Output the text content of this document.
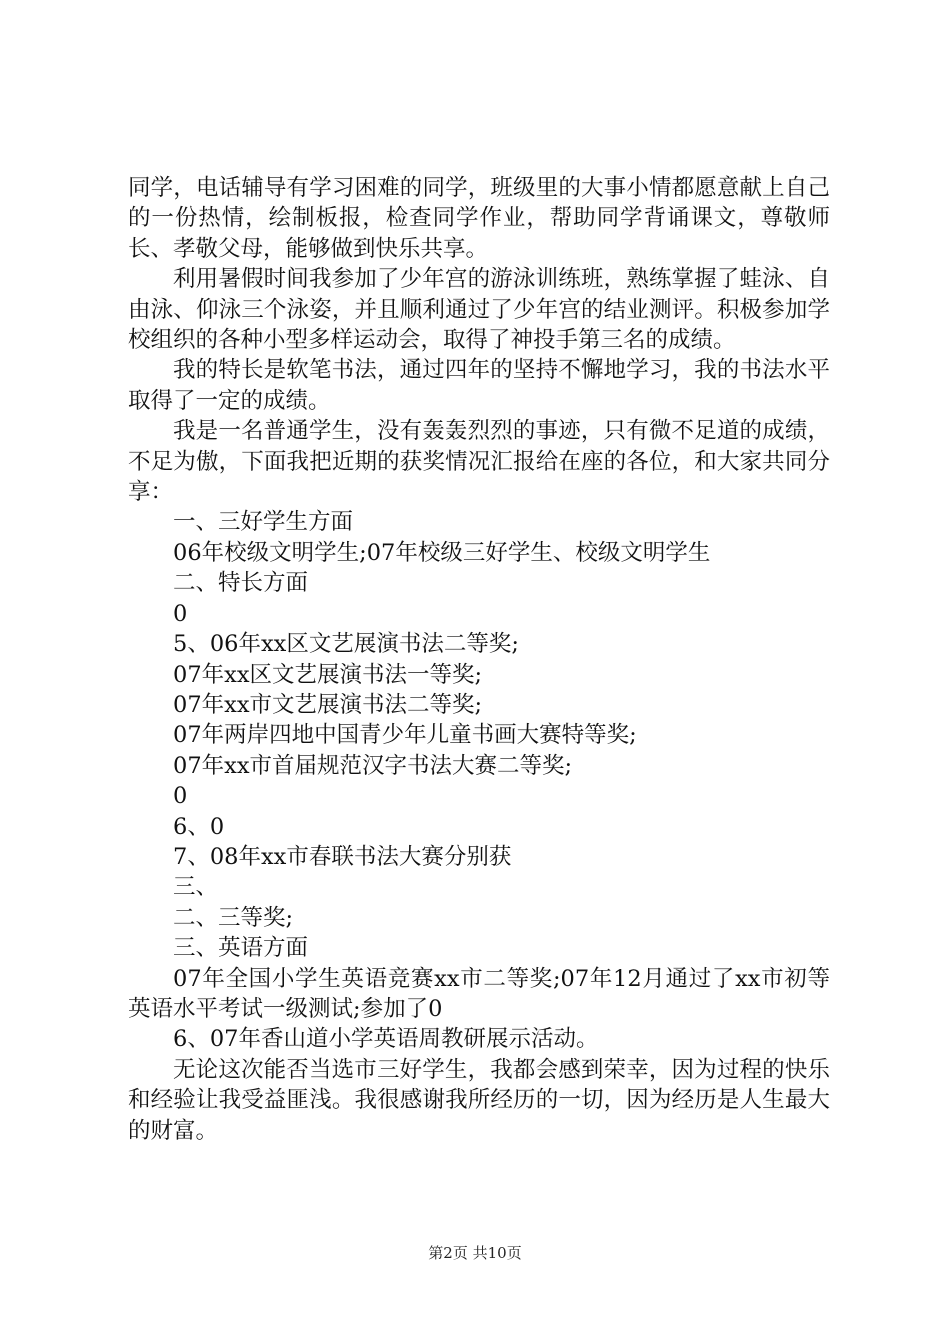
同学，电话辅导有学习困难的同学，班级里的大事小情都愿意献上自己的一份热情，绘制板报，检查同学作业，帮助同学背诵课文，尊敬师长、孝敬父母，能够做到快乐共享。

利用暑假时间我参加了少年宫的游泳训练班，熟练掌握了蛙泳、自由泳、仰泳三个泳姿，并且顺利通过了少年宫的结业测评。积极参加学校组织的各种小型多样运动会，取得了神投手第三名的成绩。

我的特长是软笔书法，通过四年的坚持不懈地学习，我的书法水平取得了一定的成绩。

我是一名普通学生，没有轰轰烈烈的事迹，只有微不足道的成绩，不足为傲，下面我把近期的获奖情况汇报给在座的各位，和大家共同分享：

一、三好学生方面

06年校级文明学生;07年校级三好学生、校级文明学生

二、特长方面

0

5、06年xx区文艺展演书法二等奖;

07年xx区文艺展演书法一等奖;

07年xx市文艺展演书法二等奖;

07年两岸四地中国青少年儿童书画大赛特等奖;

07年xx市首届规范汉字书法大赛二等奖;

0

6、0

7、08年xx市春联书法大赛分别获

三、

二、三等奖;

三、英语方面

07年全国小学生英语竞赛xx市二等奖;07年12月通过了xx市初等英语水平考试一级测试;参加了0

6、07年香山道小学英语周教研展示活动。

无论这次能否当选市三好学生，我都会感到荣幸，因为过程的快乐和经验让我受益匪浅。我很感谢我所经历的一切，因为经历是人生最大的财富。

第2页 共10页
